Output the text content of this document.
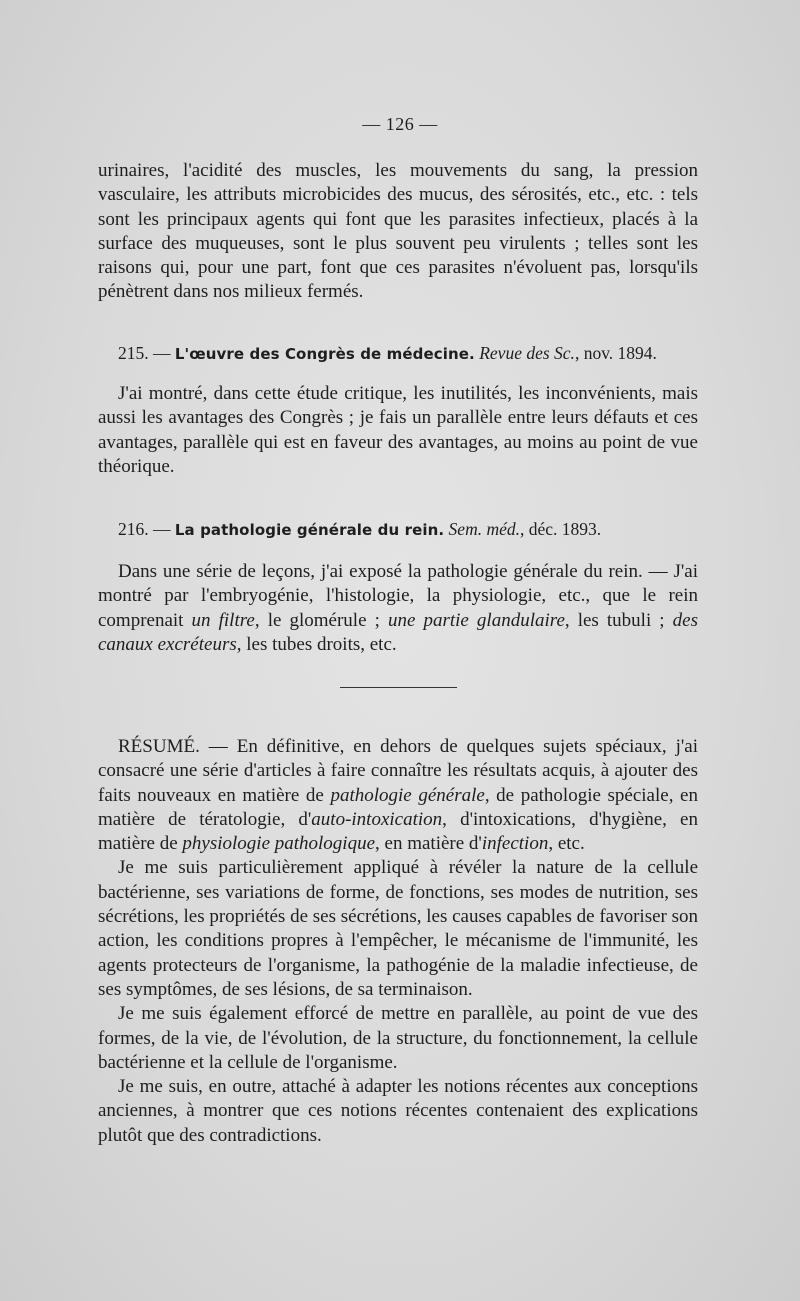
— 126 —

urinaires, l'acidité des muscles, les mouvements du sang, la pression vasculaire, les attributs microbicides des mucus, des sérosités, etc., etc. : tels sont les principaux agents qui font que les parasites infectieux, placés à la surface des muqueuses, sont le plus souvent peu virulents ; telles sont les raisons qui, pour une part, font que ces parasites n'évoluent pas, lorsqu'ils pénètrent dans nos milieux fermés.

215. — L'œuvre des Congrès de médecine. Revue des Sc., nov. 1894.

J'ai montré, dans cette étude critique, les inutilités, les inconvénients, mais aussi les avantages des Congrès ; je fais un parallèle entre leurs défauts et ces avantages, parallèle qui est en faveur des avantages, au moins au point de vue théorique.

216. — La pathologie générale du rein. Sem. méd., déc. 1893.

Dans une série de leçons, j'ai exposé la pathologie générale du rein. — J'ai montré par l'embryogénie, l'histologie, la physiologie, etc., que le rein comprenait un filtre, le glomérule ; une partie glandulaire, les tubuli ; des canaux excréteurs, les tubes droits, etc.

RÉSUMÉ. — En définitive, en dehors de quelques sujets spéciaux, j'ai consacré une série d'articles à faire connaître les résultats acquis, à ajouter des faits nouveaux en matière de pathologie générale, de pathologie spéciale, en matière de tératologie, d'auto-intoxication, d'intoxications, d'hygiène, en matière de physiologie pathologique, en matière d'infection, etc.

Je me suis particulièrement appliqué à révéler la nature de la cellule bactérienne, ses variations de forme, de fonctions, ses modes de nutrition, ses sécrétions, les propriétés de ses sécrétions, les causes capables de favoriser son action, les conditions propres à l'empêcher, le mécanisme de l'immunité, les agents protecteurs de l'organisme, la pathogénie de la maladie infectieuse, de ses symptômes, de ses lésions, de sa terminaison.

Je me suis également efforcé de mettre en parallèle, au point de vue des formes, de la vie, de l'évolution, de la structure, du fonctionnement, la cellule bactérienne et la cellule de l'organisme.

Je me suis, en outre, attaché à adapter les notions récentes aux conceptions anciennes, à montrer que ces notions récentes contenaient des explications plutôt que des contradictions.
